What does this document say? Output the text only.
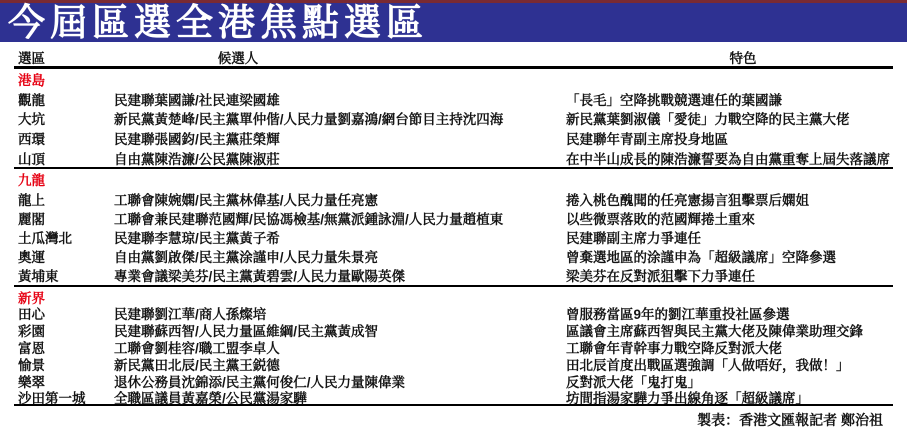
今屆區選全港焦點選區
選區	候選人	特色
港島
觀龍	民建聯葉國謙/社民連梁國雄	「長毛」空降挑戰競選連任的葉國謙
大坑	新民黨黃楚峰/民主黨單仲偕/人民力量劉嘉鴻/網台節目主持沈四海	新民黨葉劉淑儀「愛徒」力戰空降的民主黨大佬
西環	民建聯張國鈞/民主黨莊榮輝	民建聯年青副主席投身地區
山頂	自由黨陳浩濂/公民黨陳淑莊	在中半山成長的陳浩濂誓要為自由黨重奪上屆失落議席
九龍
龍上	工聯會陳婉嫻/民主黨林偉基/人民力量任亮憲	捲入桃色醜聞的任亮憲揚言狙擊票后嫻姐
麗閣	工聯會兼民建聯范國輝/民協馮檢基/無黨派鍾詠淵/人民力量趙植東	以些微票落敗的范國輝捲土重來
土瓜灣北	民建聯李慧琼/民主黨黃子希	民建聯副主席力爭連任
奧運	自由黨劉啟傑/民主黨涂謹申/人民力量朱景亮	曾棄選地區的涂謹申為「超級議席」空降參選
黃埔東	專業會議梁美芬/民主黨黃碧雲/人民力量歐陽英傑	梁美芬在反對派狙擊下力爭連任
新界
田心	民建聯劉江華/商人孫燦培	曾服務當區9年的劉江華重投社區參選
彩園	民建聯蘇西智/人民力量區維綱/民主黨黃成智	區議會主席蘇西智與民主黨大佬及陳偉業助理交鋒
富恩	工聯會劉桂容/職工盟李卓人	工聯會年青幹事力戰空降反對派大佬
愉景	新民黨田北辰/民主黨王鋭德	田北辰首度出戰區選強調「人做唔好，我做！」
樂翠	退休公務員沈錦添/民主黨何俊仁/人民力量陳偉業	反對派大佬「鬼打鬼」
沙田第一城	全職區議員黃嘉榮/公民黨湯家驊	坊間指湯家驊力爭出線角逐「超級議席」
製表：香港文匯報記者 鄭治祖
